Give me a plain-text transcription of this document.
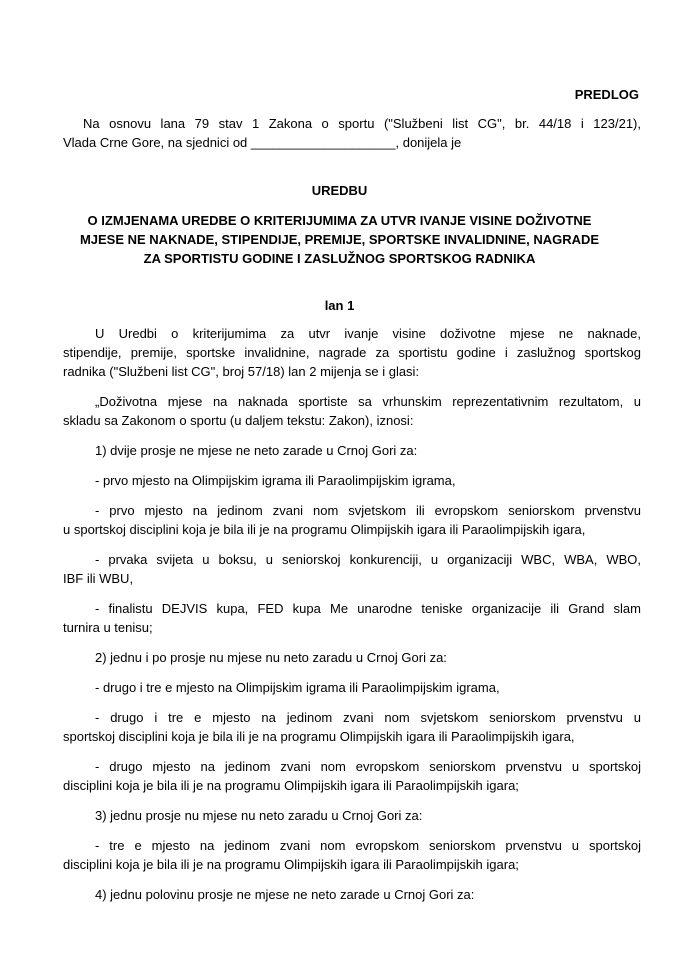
PREDLOG
Na osnovu lana 79 stav 1 Zakona o sportu ("Službeni list CG", br. 44/18 i 123/21),
Vlada Crne Gore, na sjednici od ____________________, donijela je
UREDBU
O IZMJENAMA UREDBE O KRITERIJUMIMA ZA UTVR IVANJE VISINE DOŽIVOTNE
MJESE NE NAKNADE, STIPENDIJE, PREMIJE, SPORTSKE INVALIDNINE, NAGRADE
ZA SPORTISTU GODINE I ZASLUŽNOG SPORTSKOG RADNIKA
lan 1
U Uredbi o kriterijumima za utvr ivanje visine doživotne mjese ne naknade,
stipendije, premije, sportske invalidnine, nagrade za sportistu godine i zaslužnog sportskog
radnika ("Službeni list CG", broj 57/18) lan 2 mijenja se i glasi:
„Doživotna mjese na naknada sportiste sa vrhunskim reprezentativnim rezultatom, u
skladu sa Zakonom o sportu (u daljem tekstu: Zakon), iznosi:
1) dvije prosje ne mjese ne neto zarade u Crnoj Gori za:
- prvo mjesto na Olimpijskim igrama ili Paraolimpijskim igrama,
- prvo mjesto na jedinom zvani nom svjetskom ili evropskom seniorskom prvenstvu
u sportskoj disciplini koja je bila ili je na programu Olimpijskih igara ili Paraolimpijskih igara,
- prvaka svijeta u boksu, u seniorskoj konkurenciji, u organizaciji WBC, WBA, WBO,
IBF ili WBU,
- finalistu DEJVIS kupa, FED kupa Me unarodne teniske organizacije ili Grand slam
turnira u tenisu;
2) jednu i po prosje nu mjese nu neto zaradu u Crnoj Gori za:
- drugo i tre e mjesto na Olimpijskim igrama ili Paraolimpijskim igrama,
- drugo i tre e mjesto na jedinom zvani nom svjetskom seniorskom prvenstvu u
sportskoj disciplini koja je bila ili je na programu Olimpijskih igara ili Paraolimpijskih igara,
- drugo mjesto na jedinom zvani nom evropskom seniorskom prvenstvu u sportskoj
disciplini koja je bila ili je na programu Olimpijskih igara ili Paraolimpijskih igara;
3) jednu prosje nu mjese nu neto zaradu u Crnoj Gori za:
- tre e mjesto na jedinom zvani nom evropskom seniorskom prvenstvu u sportskoj
disciplini koja je bila ili je na programu Olimpijskih igara ili Paraolimpijskih igara;
4) jednu polovinu prosje ne mjese ne neto zarade u Crnoj Gori za:
